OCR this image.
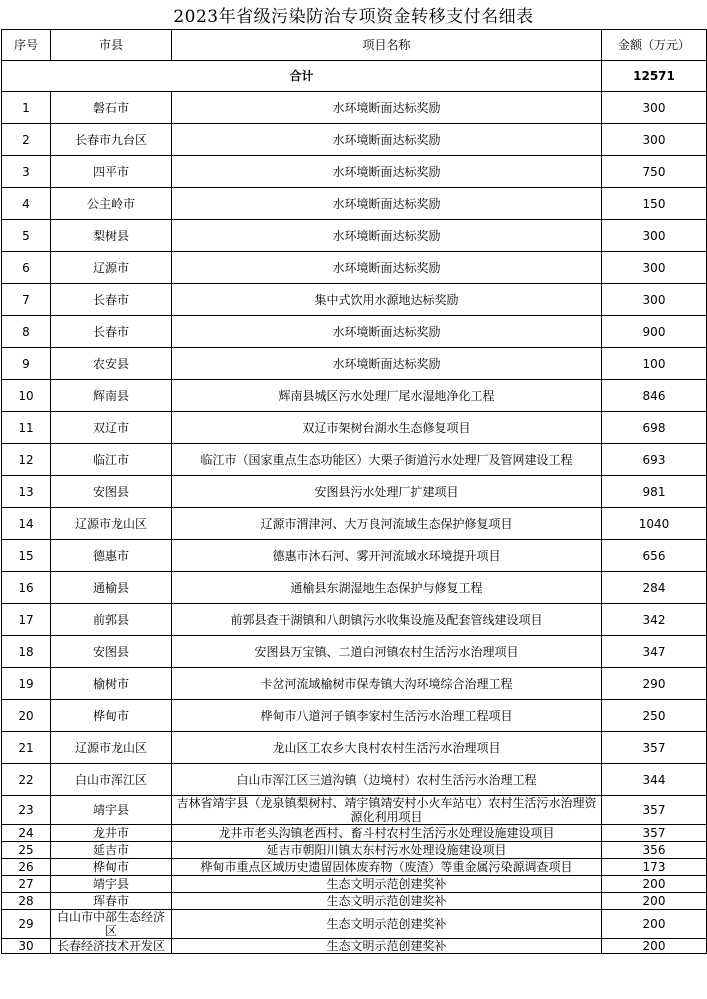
2023年省级污染防治专项资金转移支付名细表
序号	市县	项目名称	金额（万元）
合计			12571
1	磐石市	水环境断面达标奖励	300
2	长春市九台区	水环境断面达标奖励	300
3	四平市	水环境断面达标奖励	750
4	公主岭市	水环境断面达标奖励	150
5	梨树县	水环境断面达标奖励	300
6	辽源市	水环境断面达标奖励	300
7	长春市	集中式饮用水源地达标奖励	300
8	长春市	水环境断面达标奖励	900
9	农安县	水环境断面达标奖励	100
10	辉南县	辉南县城区污水处理厂尾水湿地净化工程	846
11	双辽市	双辽市架树台湖水生态修复项目	698
12	临江市	临江市（国家重点生态功能区）大栗子街道污水处理厂及管网建设工程	693
13	安图县	安图县污水处理厂扩建项目	981
14	辽源市龙山区	辽源市渭津河、大万良河流域生态保护修复项目	1040
15	德惠市	德惠市沐石河、雾开河流域水环境提升项目	656
16	通榆县	通榆县东湖湿地生态保护与修复工程	284
17	前郭县	前郭县查干湖镇和八朗镇污水收集设施及配套管线建设项目	342
18	安图县	安图县万宝镇、二道白河镇农村生活污水治理项目	347
19	榆树市	卡岔河流域榆树市保寿镇大沟环境综合治理工程	290
20	桦甸市	桦甸市八道河子镇李家村生活污水治理工程项目	250
21	辽源市龙山区	龙山区工农乡大良村农村生活污水治理项目	357
22	白山市浑江区	白山市浑江区三道沟镇（边境村）农村生活污水治理工程	344
23	靖宇县	吉林省靖宇县（龙泉镇梨树村、靖宇镇靖安村小火车站屯）农村生活污水治理资源化利用项目	357
24	龙井市	龙井市老头沟镇老西村、畜斗村农村生活污水处理设施建设项目	357
25	延吉市	延吉市朝阳川镇太东村污水处理设施建设项目	356
26	桦甸市	桦甸市重点区域历史遗留固体废弃物（废渣）等重金属污染源调查项目	173
27	靖宇县	生态文明示范创建奖补	200
28	珲春市	生态文明示范创建奖补	200
29	白山市中部生态经济区	生态文明示范创建奖补	200
30	长春经济技术开发区	生态文明示范创建奖补	200
